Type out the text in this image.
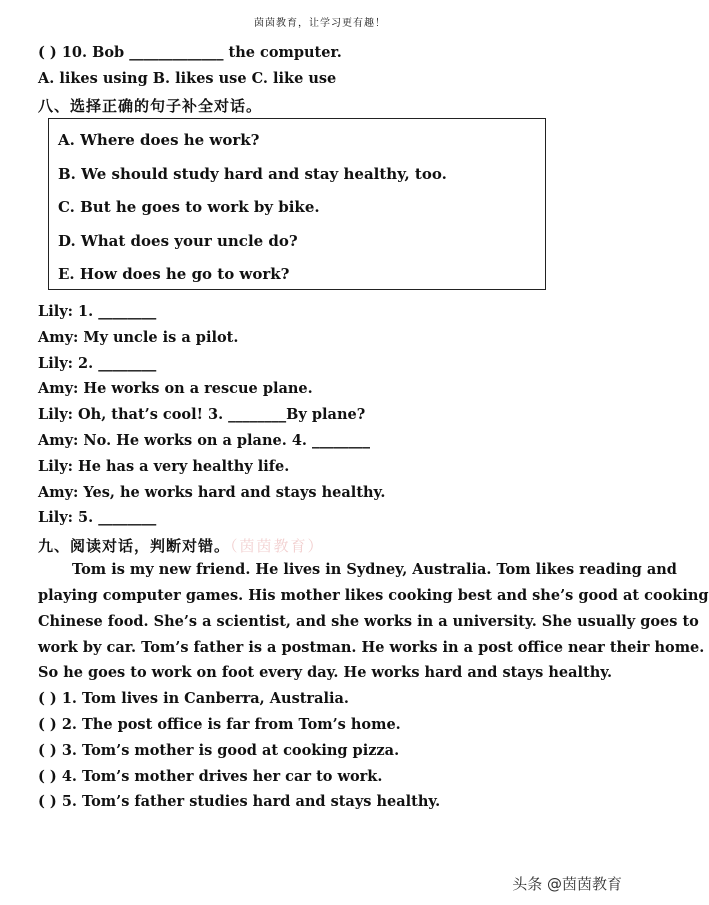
茵茵教育，让学习更有趣！
( ) 10. Bob _____________ the computer.
A. likes using B. likes use C. like use
八、选择正确的句子补全对话。
A. Where does he work?
B. We should study hard and stay healthy, too.
C. But he goes to work by bike.
D. What does your uncle do?
E. How does he go to work?
Lily: 1. ________
Amy: My uncle is a pilot.
Lily: 2. ________
Amy: He works on a rescue plane.
Lily: Oh, that’s cool! 3. ________By plane?
Amy: No. He works on a plane. 4. ________
Lily: He has a very healthy life.
Amy: Yes, he works hard and stays healthy.
Lily: 5. ________
九、阅读对话，判断对错。（茵茵教育）
Tom is my new friend. He lives in Sydney, Australia. Tom likes reading and
playing computer games. His mother likes cooking best and she’s good at cooking
Chinese food. She’s a scientist, and she works in a university. She usually goes to
work by car. Tom’s father is a postman. He works in a post office near their home.
So he goes to work on foot every day. He works hard and stays healthy.
( ) 1. Tom lives in Canberra, Australia.
( ) 2. The post office is far from Tom’s home.
( ) 3. Tom’s mother is good at cooking pizza.
( ) 4. Tom’s mother drives her car to work.
( ) 5. Tom’s father studies hard and stays healthy.
头条 @茵茵教育
